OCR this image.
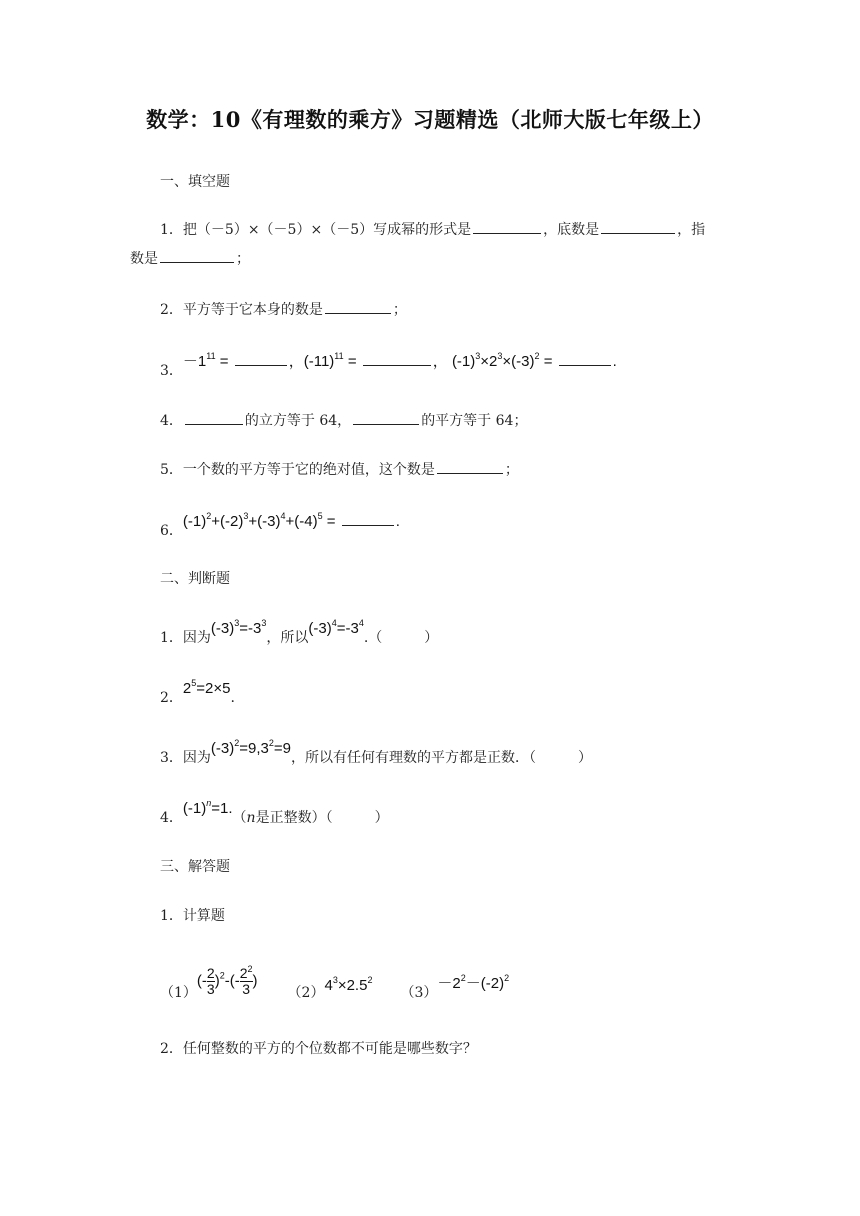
数学：10《有理数的乘方》习题精选（北师大版七年级上）
一、填空题
1．把（－5）×（－5）×（－5）写成幂的形式是	，底数是	，指
数是	；
2．平方等于它本身的数是	；
3．$-1^{11}$ =	，$(-11)^{11}$ =	， $(-1)^3\times 2^3\times(-3)^2$ =	.
4．	的立方等于 64，	的平方等于 64；
5．一个数的平方等于它的绝对值，这个数是	；
6．$(-1)^2+(-2)^3+(-3)^4+(-4)^5$ =	.
二、判断题
1．因为$(-3)^3=-3^3$，所以$(-3)^4=-3^4$.（　　　）
2．$2^5=2\times 5$.
3．因为$(-3)^2=9,3^2=9$，所以有任何有理数的平方都是正数．（　　　）
4．$(-1)^n=1.(n$是正整数）（　　　）
三、解答题
1．计算题
$(1)(- \frac{2}{3} )^2-(- \frac{2^2}{3} )(2)4^3\times 2.5^2(3)-2^2-(-2)^2$
2．任何整数的平方的个位数都不可能是哪些数字？
